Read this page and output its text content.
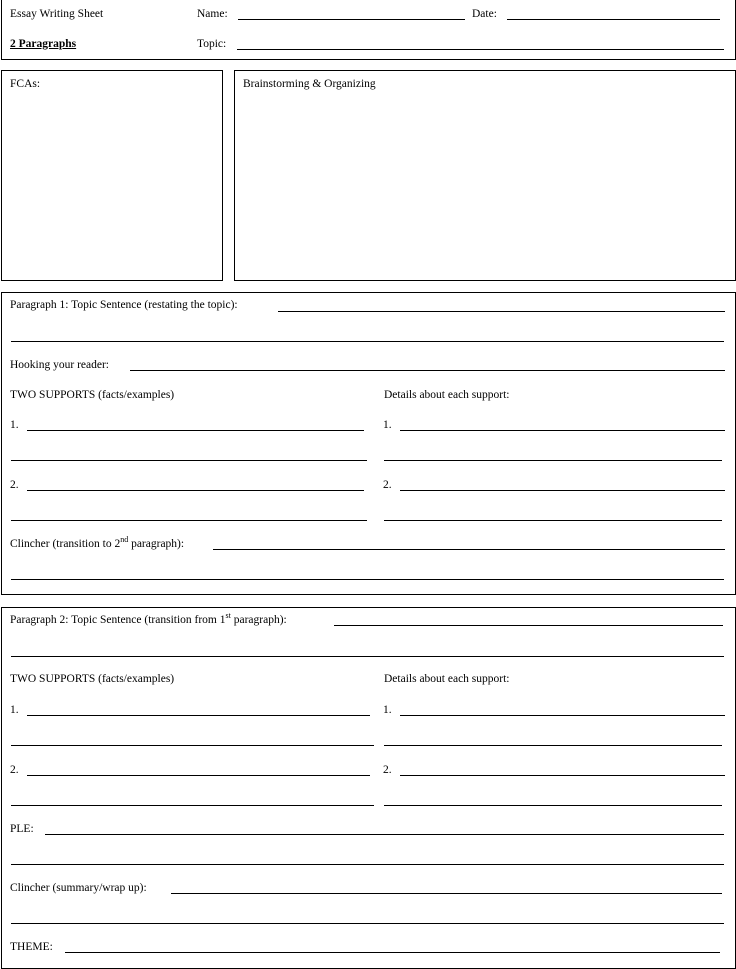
Essay Writing Sheet
2 Paragraphs
Name:	Date:
Topic:
FCAs:	Brainstorming & Organizing
Paragraph 1: Topic Sentence (restating the topic):
Hooking your reader:
TWO SUPPORTS (facts/examples)	Details about each support:
1.	1.
2.	2.
Clincher (transition to 2nd paragraph):
Paragraph 2: Topic Sentence (transition from 1st paragraph):
TWO SUPPORTS (facts/examples)	Details about each support:
1.	1.
2.	2.
PLE:
Clincher (summary/wrap up):
THEME:
